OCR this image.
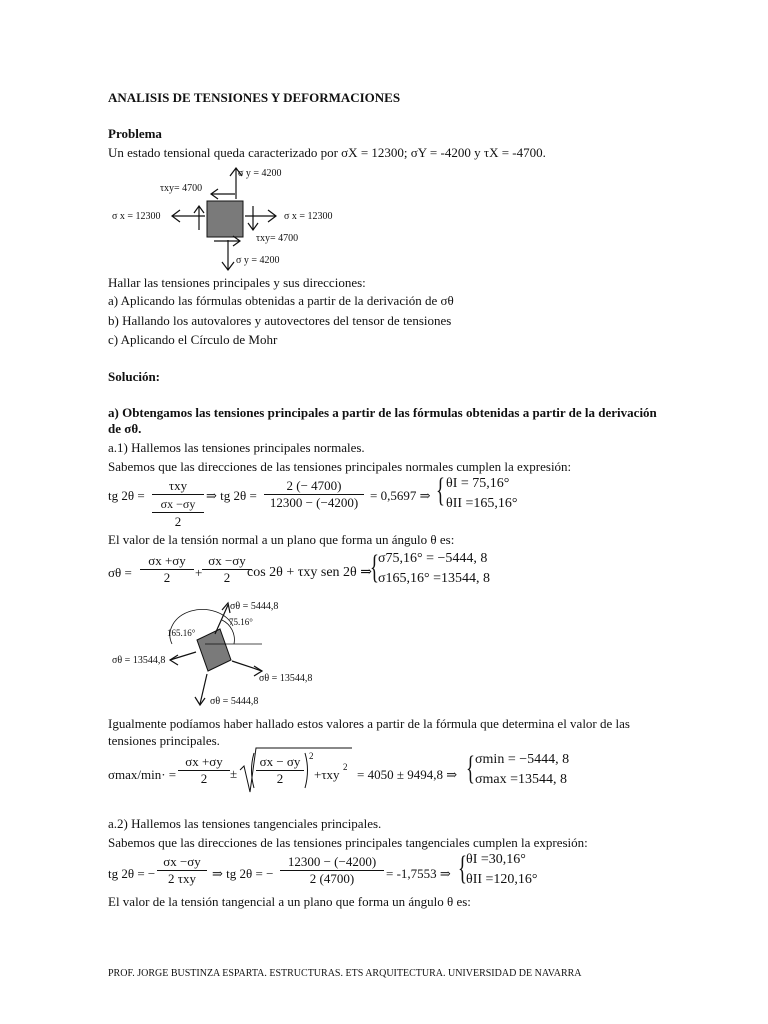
ANALISIS DE TENSIONES Y DEFORMACIONES
Problema
Un estado tensional queda caracterizado por σX = 12300; σY = -4200 y τX = -4700.
σ y = 4200
τxy= 4700
σ x = 12300	σ x = 12300
τxy= 4700
σ y = 4200
Hallar las tensiones principales y sus direcciones:
a) Aplicando las fórmulas obtenidas a partir de la derivación de σθ
b) Hallando los autovalores y autovectores del tensor de tensiones
c) Aplicando el Círculo de Mohr
Solución:
a) Obtengamos las tensiones principales a partir de las fórmulas obtenidas a partir de la derivación
de σθ.
a.1) Hallemos las tensiones principales normales.
Sabemos que las direcciones de las tensiones principales normales cumplen la expresión:
tg 2θ =
τxy
σx −σy
2
⇒ tg $2\theta = \frac{2 (- 4700)}{12300 - (-4200)} = 0,5697$ ⇒ { θI = 75,16°
θII =165,16°
El valor de la tensión normal a un plano que forma un ángulo θ es:
$\sigma\theta = \frac{\sigma x +\sigma y}{2} + \frac{\sigma x -\sigma y}{2}$
cos 2θ + τxy sen 2θ ⇒
{ σ75,16° = −5444, 8
σ165,16° =13544, 8
σθ = 5444,8
75.16°
165.16°
σθ = 13544,8
σθ = 13544,8
σθ = 5444,8
Igualmente podíamos haber hallado estos valores a partir de la fórmula que determina el valor de las
tensiones principales.
$\sigma\max/\min\cdot = \frac{\sigma x +\sigma y}{2} \pm \frac{\sigma x - \sigma y}{2} 2$
+τxy 2 = 4050 ± 9494,8 ⇒ { σmin = −5444, 8
σmax =13544, 8
a.2) Hallemos las tensiones tangenciales principales.
Sabemos que las direcciones de las tensiones principales tangenciales cumplen la expresión:
tg 2θ = −
σx −σy
2 τxy	⇒ tg 2θ = − $\frac{12300 - (-4200)}{2 (4700)} = -1,7553$ ⇒ { θI =30,16°
θII =120,16°
El valor de la tensión tangencial a un plano que forma un ángulo θ es:
PROF. JORGE BUSTINZA ESPARTA. ESTRUCTURAS. ETS ARQUITECTURA. UNIVERSIDAD DE NAVARRA
